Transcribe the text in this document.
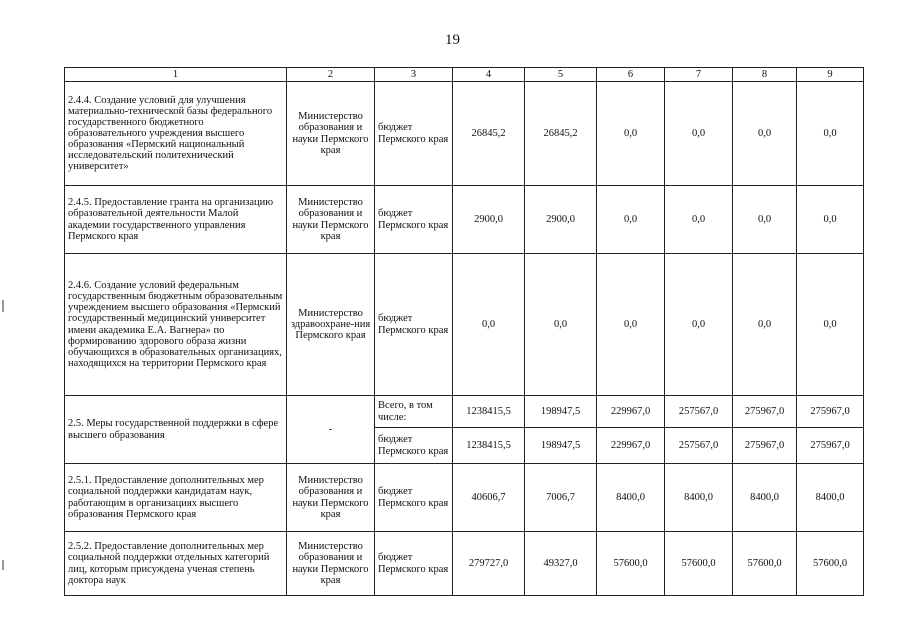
19
1	2	3	4	5	6	7	8	9
2.4.4. Создание условий для улучшения материально-технической базы федерального государственного бюджетного образовательного учреждения высшего образования «Пермский национальный исследовательский политехнический университет»	Министерство образования и науки Пермского края	бюджет Пермского края	26845,2	26845,2	0,0	0,0	0,0	0,0
2.4.5. Предоставление гранта на организацию образовательной деятельности Малой академии государственного управления Пермского края	Министерство образования и науки Пермского края	бюджет Пермского края	2900,0	2900,0	0,0	0,0	0,0	0,0
2.4.6. Создание условий федеральным государственным бюджетным образовательным учреждением высшего образования «Пермский государственный медицинский университет имени академика Е.А. Вагнера» по формированию здорового образа жизни обучающихся в образовательных организациях, находящихся на территории Пермского края	Министерство здравоохране-ния Пермского края	бюджет Пермского края	0,0	0,0	0,0	0,0	0,0	0,0
2.5. Меры государственной поддержки в сфере высшего образования	-	Всего, в том числе:	1238415,5	198947,5	229967,0	257567,0	275967,0	275967,0
		бюджет Пермского края	1238415,5	198947,5	229967,0	257567,0	275967,0	275967,0
2.5.1. Предоставление дополнительных мер социальной поддержки кандидатам наук, работающим в организациях высшего образования Пермского края	Министерство образования и науки Пермского края	бюджет Пермского края	40606,7	7006,7	8400,0	8400,0	8400,0	8400,0
2.5.2. Предоставление дополнительных мер социальной поддержки отдельных категорий лиц, которым присуждена ученая степень доктора наук	Министерство образования и науки Пермского края	бюджет Пермского края	279727,0	49327,0	57600,0	57600,0	57600,0	57600,0
